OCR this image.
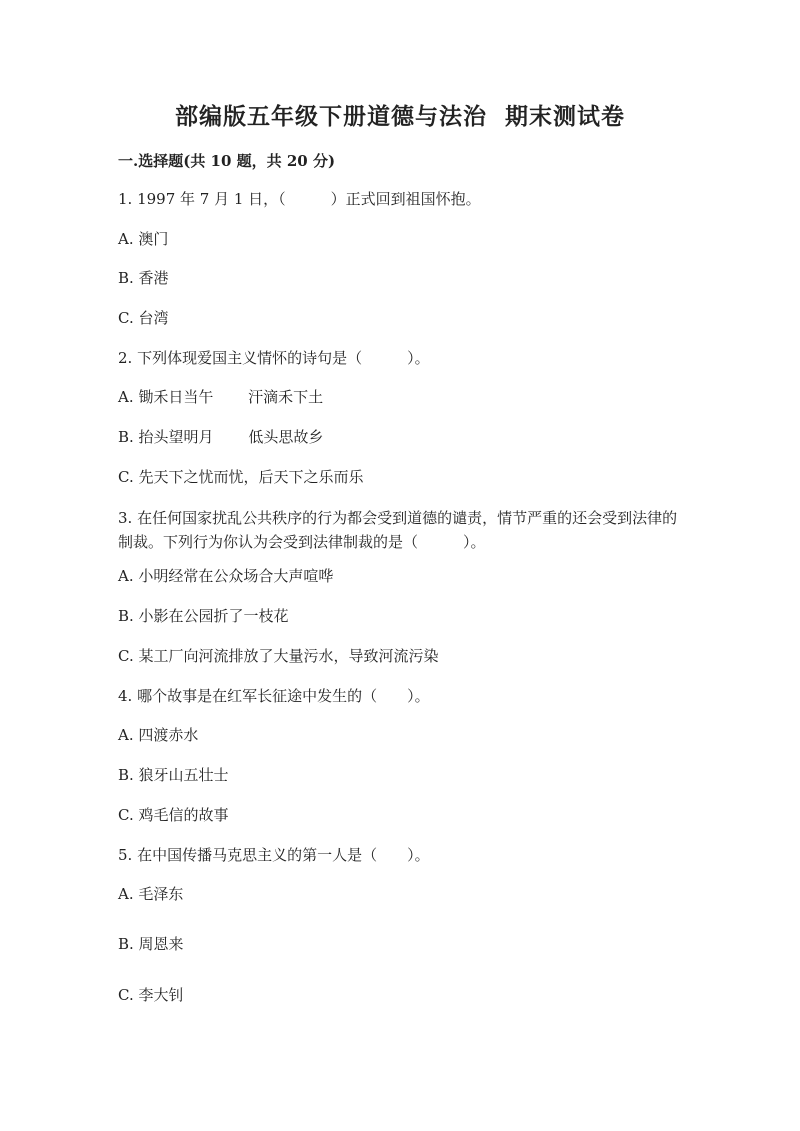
部编版五年级下册道德与法治  期末测试卷
一.选择题(共 10 题，共 20 分)
1. 1997 年 7 月 1 日，（　　　）正式回到祖国怀抱。
A. 澳门
B. 香港
C. 台湾
2. 下列体现爱国主义情怀的诗句是（　　　）。
A. 锄禾日当午　　 汗滴禾下土
B. 抬头望明月　　 低头思故乡
C. 先天下之忧而忧，后天下之乐而乐
3. 在任何国家扰乱公共秩序的行为都会受到道德的谴责，情节严重的还会受到法律的制裁。下列行为你认为会受到法律制裁的是（　　　）。
A. 小明经常在公众场合大声喧哗
B. 小影在公园折了一枝花
C. 某工厂向河流排放了大量污水，导致河流污染
4. 哪个故事是在红军长征途中发生的（　　）。
A. 四渡赤水
B. 狼牙山五壮士
C. 鸡毛信的故事
5. 在中国传播马克思主义的第一人是（　　）。
A. 毛泽东
B. 周恩来
C. 李大钊
